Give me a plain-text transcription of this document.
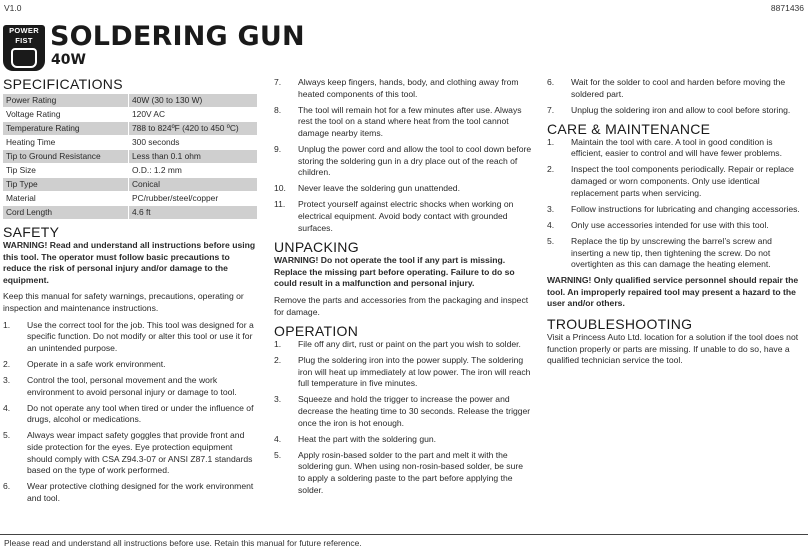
V1.0	8871436
POWER
FIST SOLDERING GUN
40W
SPECIFICATIONS
Power Rating	40W (30 to 130 W)
Voltage Rating	120V AC
Temperature Rating	788 to 824ºF (420 to 450 ºC)
Heating Time	300 seconds
Tip to Ground Resistance	Less than 0.1 ohm
Tip Size	O.D.: 1.2 mm
Tip Type	Conical
Material	PC/rubber/steel/copper
Cord Length	4.6 ft
SAFETY

WARNING! Read and understand all instructions before using this tool. The operator must follow basic precautions to reduce the risk of personal injury and/or damage to the equipment.

Keep this manual for safety warnings, precautions, operating or inspection and maintenance instructions.

1. Use the correct tool for the job. This tool was designed for a specific function. Do not modify or alter this tool or use it for an unintended purpose.
2. Operate in a safe work environment.
3. Control the tool, personal movement and the work environment to avoid personal injury or damage to tool.
4. Do not operate any tool when tired or under the influence of drugs, alcohol or medications.
5. Always wear impact safety goggles that provide front and side protection for the eyes. Eye protection equipment should comply with CSA Z94.3-07 or ANSI Z87.1 standards based on the type of work performed.
6. Wear protective clothing designed for the work environment and tool.
7. Always keep fingers, hands, body, and clothing away from heated components of this tool.
8. The tool will remain hot for a few minutes after use. Always rest the tool on a stand where heat from the tool cannot damage nearby items.
9. Unplug the power cord and allow the tool to cool down before storing the soldering gun in a dry place out of the reach of children.
10. Never leave the soldering gun unattended.
11. Protect yourself against electric shocks when working on electrical equipment. Avoid body contact with grounded surfaces.
UNPACKING

WARNING! Do not operate the tool if any part is missing. Replace the missing part before operating. Failure to do so could result in a malfunction and personal injury.

Remove the parts and accessories from the packaging and inspect for damage.

OPERATION
1. File off any dirt, rust or paint on the part you wish to solder.
2. Plug the soldering iron into the power supply. The soldering iron will heat up immediately at low power. The iron will reach full temperature in five minutes.
3. Squeeze and hold the trigger to increase the power and decrease the heating time to 30 seconds. Release the trigger once the iron is hot enough.
4. Heat the part with the soldering gun.
5. Apply rosin-based solder to the part and melt it with the soldering gun. When using non-rosin-based solder, be sure to apply a soldering paste to the part before applying the solder.
6. Wait for the solder to cool and harden before moving the soldered part.
7. Unplug the soldering iron and allow to cool before storing.
CARE & MAINTENANCE
1. Maintain the tool with care. A tool in good condition is efficient, easier to control and will have fewer problems.
2. Inspect the tool components periodically. Repair or replace damaged or worn components. Only use identical replacement parts when servicing.
3. Follow instructions for lubricating and changing accessories.
4. Only use accessories intended for use with this tool.
5. Replace the tip by unscrewing the barrel’s screw and inserting a new tip, then tightening the screw. Do not overtighten as this can damage the heating element.

WARNING! Only qualified service personnel should repair the tool. An improperly repaired tool may present a hazard to the user and/or others.

TROUBLESHOOTING

Visit a Princess Auto Ltd. location for a solution if the tool does not function properly or parts are missing. If unable to do so, have a qualified technician service the tool.

Please read and understand all instructions before use. Retain this manual for future reference.
